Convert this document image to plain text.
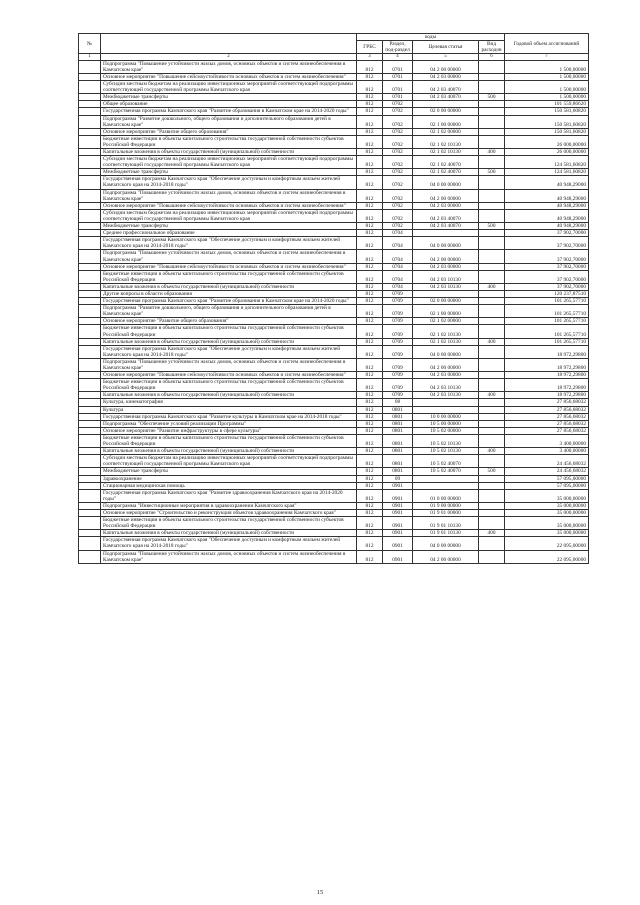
№		коды				Годовой объем ассигнований
		ГРБС	Раздел, под-раздел	Целевая статья	Вид расходов	
1	2	3	4	5	6	7
	Подпрограмма "Повышение устойчивости жилых домов, основных объектов и систем жизнеобеспечения в Камчатском крае"	812	0701	04 2 00 00000		1 500,00000
	Основное мероприятие "Повышение сейсмоустойчивости основных объектов и систем жизнеобеспечения"	812	0701	04 2 03 00000		1 500,00000
	Субсидии местным бюджетам на реализацию инвестиционных мероприятий соответствующей подпрограммы соответствующей государственной программы Камчатского края	812	0701	04 2 03 40070		1 500,00000
	Межбюджетные трансферты	812	0701	04 2 03 40070	500	1 500,00000
	Общее образование	812	0702			101 559,86620
	Государственная программа Камчатского края "Развитие образования в Камчатском крае на 2014-2020 годы"	812	0702	02 0 00 00000		150 581,60820
	Подпрограмма "Развитие дошкольного, общего образования и дополнительного образования детей в Камчатском крае"	812	0702	02 1 00 00000		150 581,60820
	Основное мероприятие "Развитие общего образования"	812	0702	02 1 02 00000		150 581,60820
	Бюджетные инвестиции в объекты капитального строительства государственной собственности субъектов Российской Федерации	812	0702	02 1 02 10130		26 000,00000
	Капитальные вложения в объекты государственной (муниципальной) собственности	812	0702	02 1 02 10130	400	26 000,00000
	Субсидии местным бюджетам на реализацию инвестиционных мероприятий соответствующей подпрограммы соответствующей государственной программы Камчатского края	812	0702	02 1 02 40070		124 581,60820
	Межбюджетные трансферты	812	0702	02 1 02 40070	500	124 581,60820
	Государственная программа Камчатского края "Обеспечение доступным и комфортным жильем жителей Камчатского края на 2014-2018 годы"	812	0702	04 0 00 00000		40 948,29000
	Подпрограмма "Повышение устойчивости жилых домов, основных объектов и систем жизнеобеспечения в Камчатском крае"	812	0702	04 2 00 00000		40 948,29000
	Основное мероприятие "Повышение сейсмоустойчивости основных объектов и систем жизнеобеспечения"	812	0702	04 2 03 00000		40 948,29000
	Субсидии местным бюджетам на реализацию инвестиционных мероприятий соответствующей подпрограммы соответствующей государственной программы Камчатского края	812	0702	04 2 03 40070		40 948,29000
	Межбюджетные трансферты	812	0702	04 2 03 40070	500	40 948,29000
	Среднее профессиональное образование	812	0704			37 902,70000
	Государственная программа Камчатского края "Обеспечение доступным и комфортным жильем жителей Камчатского края на 2014-2018 годы"	812	0704	04 0 00 00000		37 902,70000
	Подпрограмма "Повышение устойчивости жилых домов, основных объектов и систем жизнеобеспечения в Камчатском крае"	812	0704	04 2 00 00000		37 902,70000
	Основное мероприятие "Повышение сейсмоустойчивости основных объектов и систем жизнеобеспечения"	812	0704	04 2 03 00000		37 902,70000
	Бюджетные инвестиции в объекты капитального строительства государственной собственности субъектов Российской Федерации	812	0704	04 2 03 10130		37 902,70000
	Капитальные вложения в объекты государственной (муниципальной) собственности	812	0704	04 2 03 10130	400	37 902,70000
	Другие вопросы в области образования	812	0709			120 237,87510
	Государственная программа Камчатского края "Развитие образования в Камчатском крае на 2014-2020 годы"	812	0709	02 0 00 00000		101 265,57710
	Подпрограмма "Развитие дошкольного, общего образования и дополнительного образования детей в Камчатском крае"	812	0709	02 1 00 00000		101 265,57710
	Основное мероприятие "Развитие общего образования"	812	0709	02 1 02 00000		101 265,57710
	Бюджетные инвестиции в объекты капитального строительства государственной собственности субъектов Российской Федерации	812	0709	02 1 02 10130		101 265,57710
	Капитальные вложения в объекты государственной (муниципальной) собственности	812	0709	02 1 02 10130	400	101 265,57710
	Государственная программа Камчатского края "Обеспечение доступным и комфортным жильем жителей Камчатского края на 2014-2018 годы"	812	0709	04 0 00 00000		18 972,29800
	Подпрограмма "Повышение устойчивости жилых домов, основных объектов и систем жизнеобеспечения в Камчатском крае"	812	0709	04 2 00 00000		18 972,29800
	Основное мероприятие "Повышение сейсмоустойчивости основных объектов и систем жизнеобеспечения"	812	0709	04 2 03 00000		18 972,29800
	Бюджетные инвестиции в объекты капитального строительства государственной собственности субъектов Российской Федерации	812	0709	04 2 03 10130		18 972,29800
	Капитальные вложения в объекты государственной (муниципальной) собственности	812	0709	04 2 03 10130	400	18 972,29800
	Культура, кинематография	812	08			27 856,68032
	Культура	812	0801			27 856,68032
	Государственная программа Камчатского края "Развитие культуры в Камчатском крае на 2014-2018 годы"	812	0801	10 0 00 00000		27 856,68032
	Подпрограмма "Обеспечение условий реализации Программы"	812	0801	10 5 00 00000		27 856,68032
	Основное мероприятие "Развитие инфраструктуры в сфере культуры"	812	0801	10 5 02 00000		27 856,68032
	Бюджетные инвестиции в объекты капитального строительства государственной собственности субъектов Российской Федерации	812	0801	10 5 02 10130		3 400,00000
	Капитальные вложения в объекты государственной (муниципальной) собственности	812	0801	10 5 02 10130	400	3 400,00000
	Субсидии местным бюджетам на реализацию инвестиционных мероприятий соответствующей подпрограммы соответствующей государственной программы Камчатского края	812	0801	10 5 02 40070		24 456,68032
	Межбюджетные трансферты	812	0801	10 5 02 40070	500	24 456,68032
	Здравоохранение	812	09			57 095,00000
	Стационарная медицинская помощь	812	0901			57 095,00000
	Государственная программа Камчатского края "Развитие здравоохранения Камчатского края на 2014-2020 годы"	812	0901	01 0 00 00000		35 000,00000
	Подпрограмма "Инвестиционные мероприятия в здравоохранении Камчатского края"	812	0901	01 9 00 00000		35 000,00000
	Основное мероприятие "Строительство и реконструкция объектов здравоохранения Камчатского края"	812	0901	01 9 01 00000		35 000,00000
	Бюджетные инвестиции в объекты капитального строительства государственной собственности субъектов Российской Федерации	812	0901	01 9 01 10130		35 000,00000
	Капитальные вложения в объекты государственной (муниципальной) собственности	812	0901	01 9 01 10130	400	35 000,00000
	Государственная программа Камчатского края "Обеспечение доступным и комфортным жильем жителей Камчатского края на 2014-2018 годы"	812	0901	04 0 00 00000		22 095,00000
	Подпрограмма "Повышение устойчивости жилых домов, основных объектов и систем жизнеобеспечения в Камчатском крае"	812	0901	04 2 00 00000		22 095,00000
15
